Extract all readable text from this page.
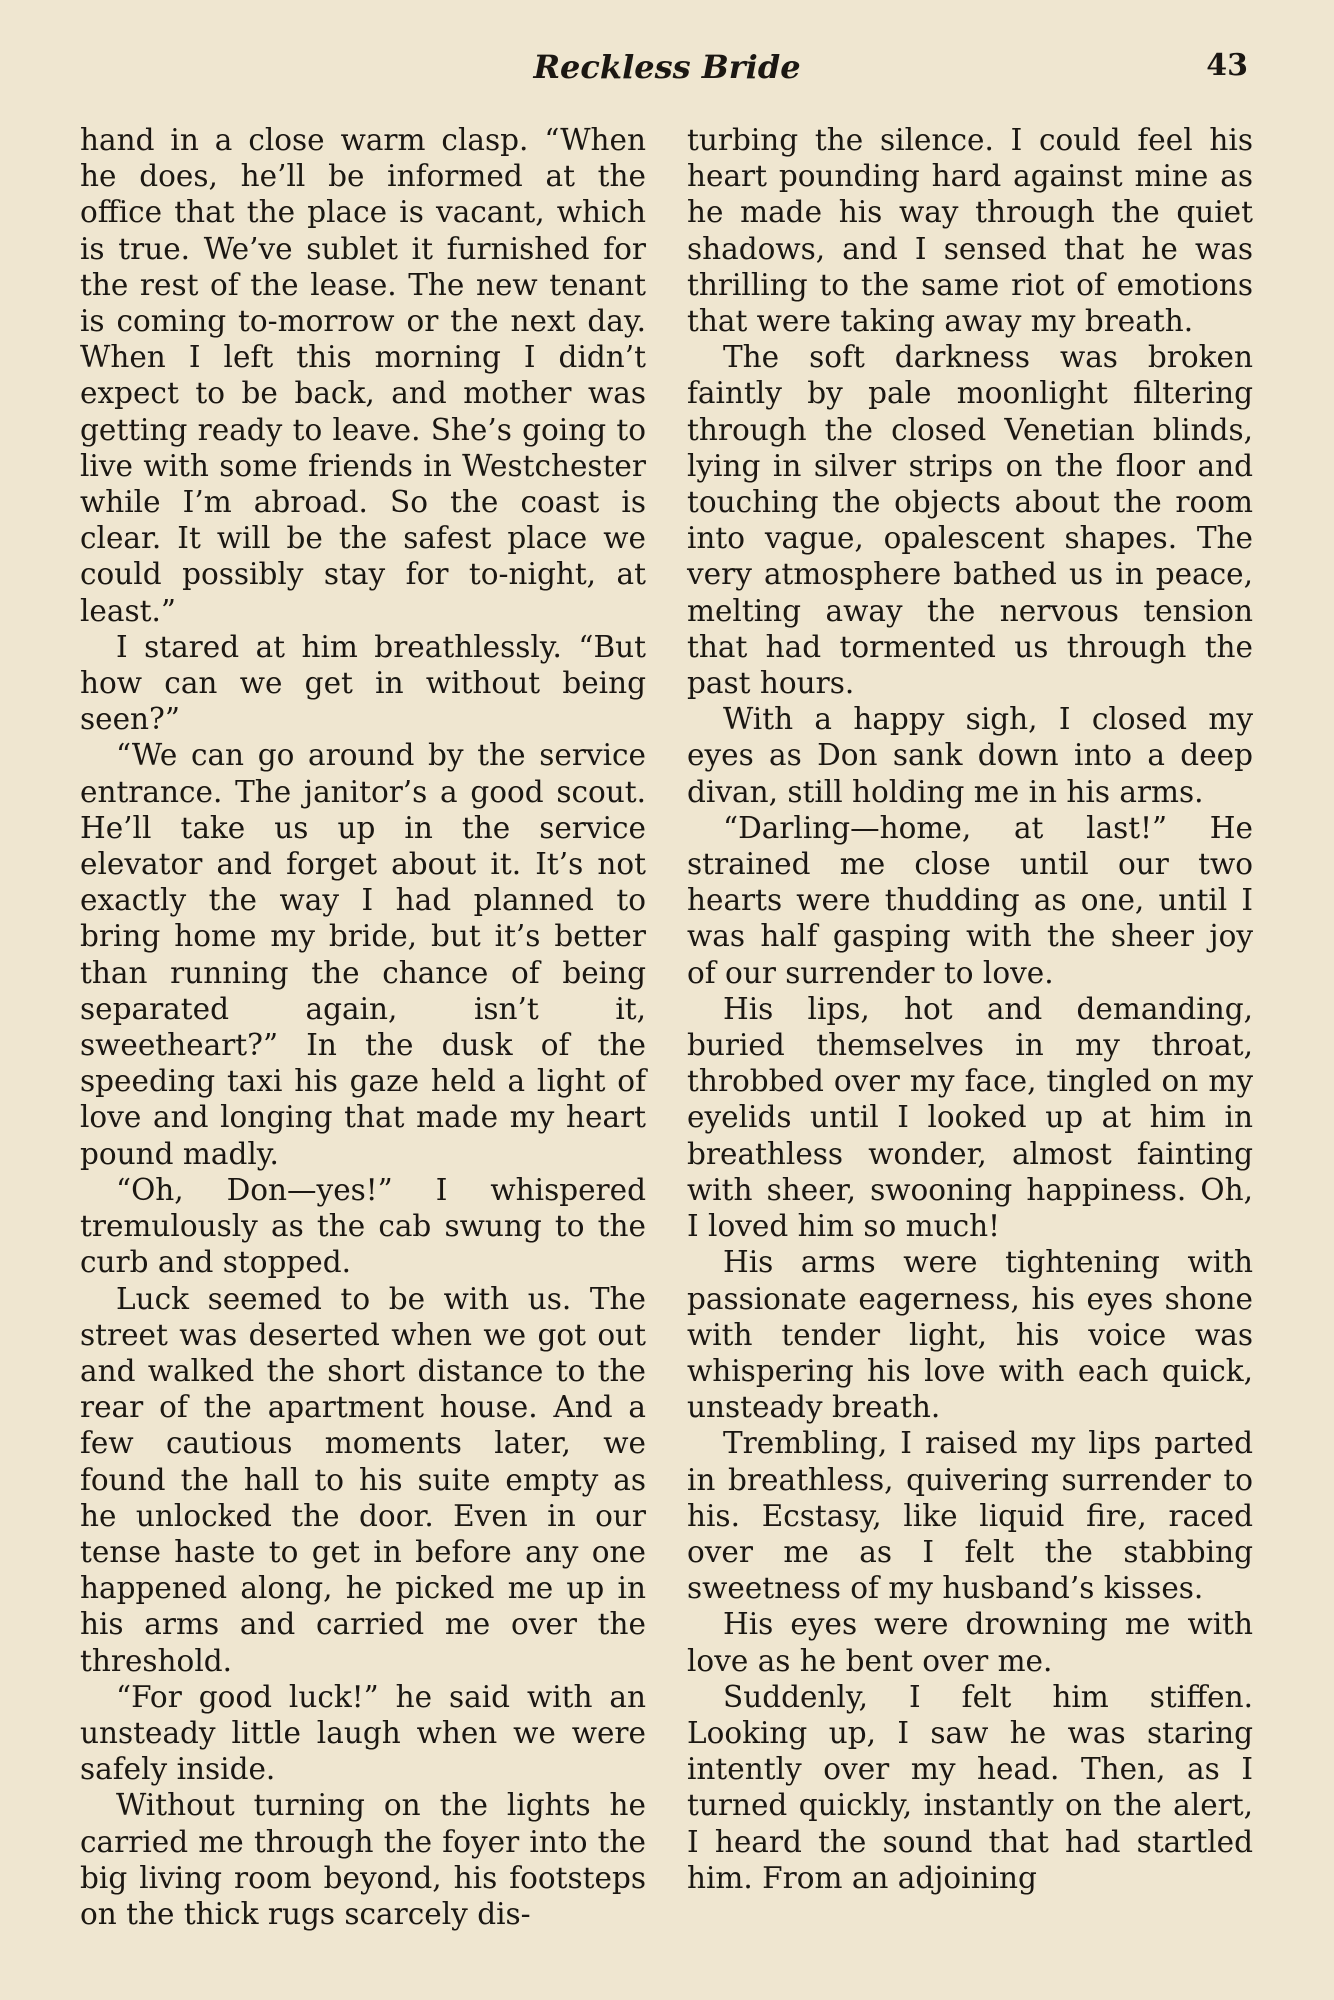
Reckless Bride	43

hand in a close warm clasp. “When he does, he’ll be informed at the office that the place is vacant, which is true. We’ve sublet it furnished for the rest of the lease. The new tenant is coming to-morrow or the next day. When I left this morning I didn’t expect to be back, and mother was getting ready to leave. She’s going to live with some friends in Westchester while I’m abroad. So the coast is clear. It will be the safest place we could possibly stay for to-night, at least.”

I stared at him breathlessly. “But how can we get in without being seen?”

“We can go around by the service entrance. The janitor’s a good scout. He’ll take us up in the service elevator and forget about it. It’s not exactly the way I had planned to bring home my bride, but it’s better than running the chance of being separated again, isn’t it, sweetheart?” In the dusk of the speeding taxi his gaze held a light of love and longing that made my heart pound madly.

“Oh, Don—yes!” I whispered tremulously as the cab swung to the curb and stopped.

Luck seemed to be with us. The street was deserted when we got out and walked the short distance to the rear of the apartment house. And a few cautious moments later, we found the hall to his suite empty as he unlocked the door. Even in our tense haste to get in before any one happened along, he picked me up in his arms and carried me over the threshold.

“For good luck!” he said with an unsteady little laugh when we were safely inside.

Without turning on the lights he carried me through the foyer into the big living room beyond, his footsteps on the thick rugs scarcely dis-

turbing the silence. I could feel his heart pounding hard against mine as he made his way through the quiet shadows, and I sensed that he was thrilling to the same riot of emotions that were taking away my breath.

The soft darkness was broken faintly by pale moonlight filtering through the closed Venetian blinds, lying in silver strips on the floor and touching the objects about the room into vague, opalescent shapes. The very atmosphere bathed us in peace, melting away the nervous tension that had tormented us through the past hours.

With a happy sigh, I closed my eyes as Don sank down into a deep divan, still holding me in his arms.

“Darling—home, at last!” He strained me close until our two hearts were thudding as one, until I was half gasping with the sheer joy of our surrender to love.

His lips, hot and demanding, buried themselves in my throat, throbbed over my face, tingled on my eyelids until I looked up at him in breathless wonder, almost fainting with sheer, swooning happiness. Oh, I loved him so much!

His arms were tightening with passionate eagerness, his eyes shone with tender light, his voice was whispering his love with each quick, unsteady breath.

Trembling, I raised my lips parted in breathless, quivering surrender to his. Ecstasy, like liquid fire, raced over me as I felt the stabbing sweetness of my husband’s kisses.

His eyes were drowning me with love as he bent over me.

Suddenly, I felt him stiffen. Looking up, I saw he was staring intently over my head. Then, as I turned quickly, instantly on the alert, I heard the sound that had startled him. From an adjoining
